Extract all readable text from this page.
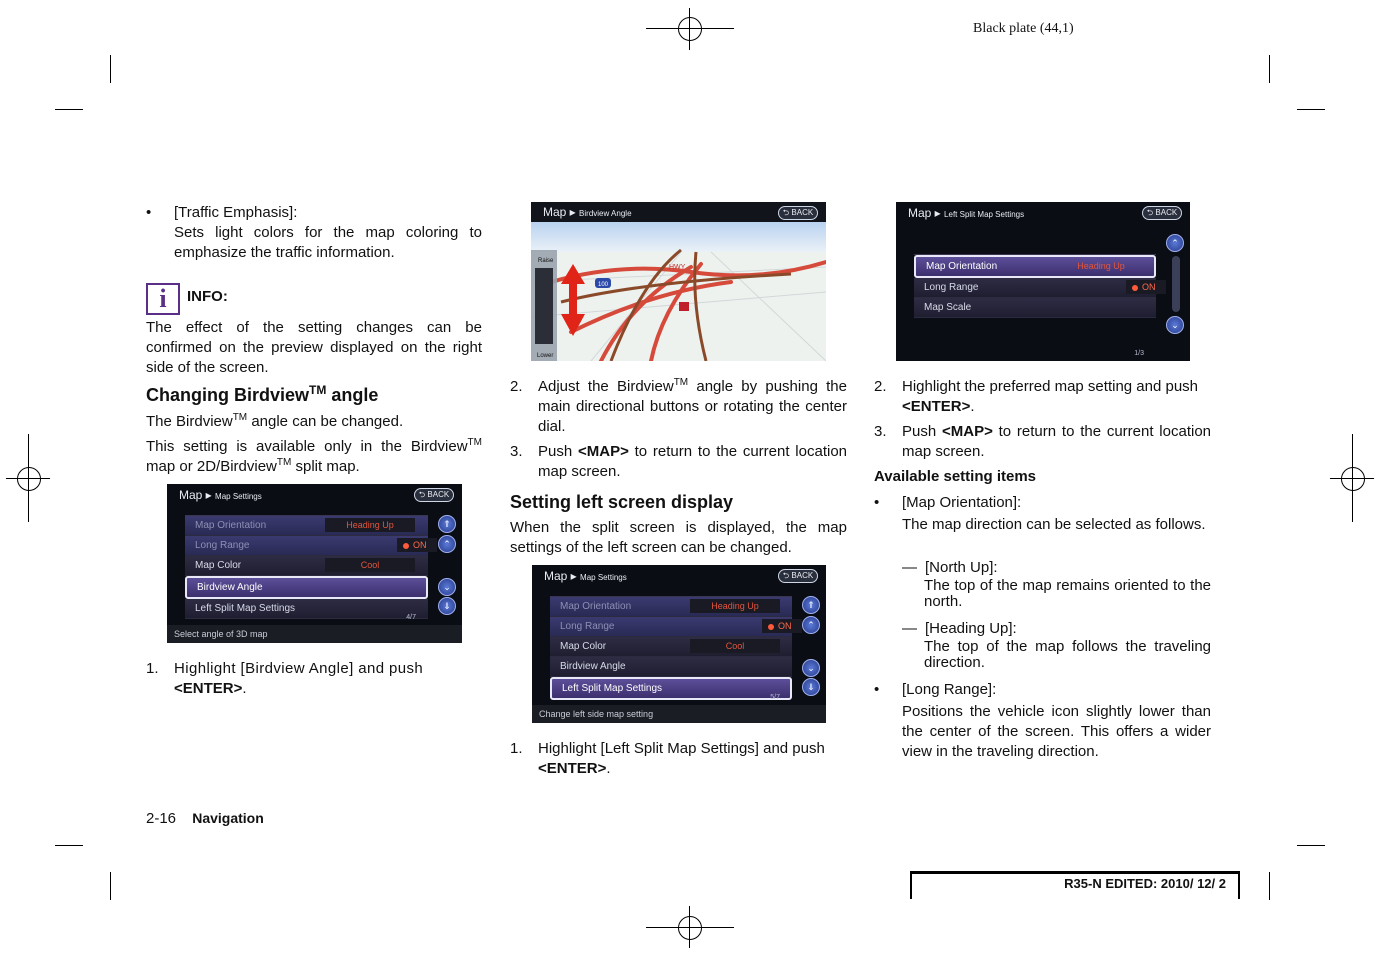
Black plate (44,1)
• [Traffic Emphasis]:
Sets light colors for the map coloring to emphasize the traffic information.
i	INFO:
The effect of the setting changes can be confirmed on the preview displayed on the right side of the screen.
Changing Birdview™ angle
The Birdview™ angle can be changed.
This setting is available only in the Birdview™ map or 2D/Birdview™ split map.
Map ▸ Map Settings	⮌ BACK
Map Orientation	Heading Up
Long Range	ON
Map Color	Cool
Birdview Angle
Left Split Map Settings
⇑
⌃
⌄
⇓
4/7
Select angle of 3D map
1. Highlight [Birdview Angle] and push
<ENTER>.
Map ▸ Birdview Angle	⮌ BACK
100
HWY
Raise
Lower
2. Adjust the Birdview™ angle by pushing the main directional buttons or rotating the center dial.
3. Push <MAP> to return to the current location map screen.
Setting left screen display
When the split screen is displayed, the map settings of the left screen can be changed.
Map ▸ Map Settings	⮌ BACK
Map Orientation	Heading Up
Long Range	ON
Map Color	Cool
Birdview Angle
Left Split Map Settings
⇑
⌃
⌄
⇓
5/7
Change left side map setting
1. Highlight [Left Split Map Settings] and push
<ENTER>.
Map ▸ Left Split Map Settings	⮌ BACK
Map Orientation	Heading Up
Long Range	ON
Map Scale
⌃
⌄
1/3
2. Highlight the preferred map setting and push
<ENTER>.
3. Push <MAP> to return to the current location map screen.
Available setting items
• [Map Orientation]:
The map direction can be selected as follows.
— [North Up]:
The top of the map remains oriented to the north.
— [Heading Up]:
The top of the map follows the traveling direction.
• [Long Range]:
Positions the vehicle icon slightly lower than the center of the screen. This offers a wider view in the traveling direction.
2-16 Navigation
R35-N EDITED: 2010/ 12/ 2
